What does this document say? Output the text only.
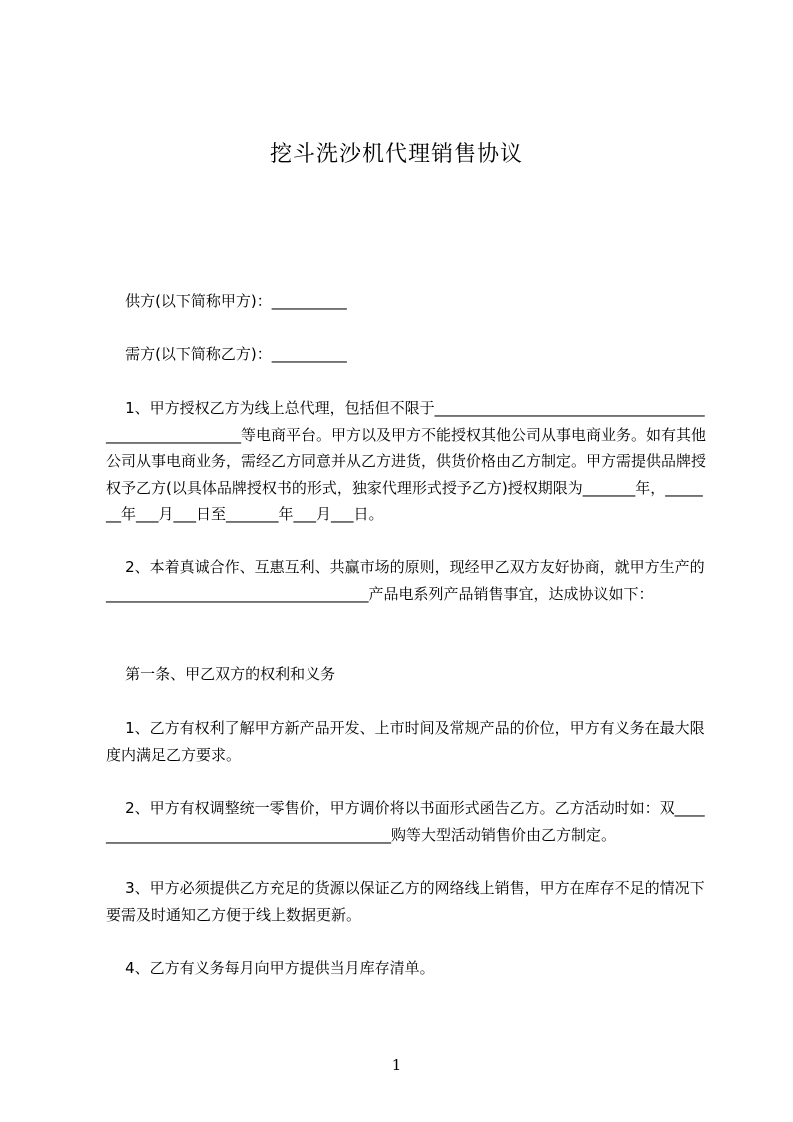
挖斗洗沙机代理销售协议
供方(以下简称甲方)：__________
需方(以下简称乙方)：__________
1、甲方授权乙方为线上总代理，包括但不限于______________________________________________________等电商平台。甲方以及甲方不能授权其他公司从事电商业务。如有其他公司从事电商业务，需经乙方同意并从乙方进货，供货价格由乙方制定。甲方需提供品牌授权予乙方(以具体品牌授权书的形式，独家代理形式授予乙方)授权期限为_______年，_______年___月___日至_______年___月___日。
2、本着真诚合作、互惠互利、共赢市场的原则，现经甲乙双方友好协商，就甲方生产的___________________________________产品电系列产品销售事宜，达成协议如下：
第一条、甲乙双方的权利和义务
1、乙方有权利了解甲方新产品开发、上市时间及常规产品的价位，甲方有义务在最大限度内满足乙方要求。
2、甲方有权调整统一零售价，甲方调价将以书面形式函告乙方。乙方活动时如：双__________________________________________购等大型活动销售价由乙方制定。
3、甲方必须提供乙方充足的货源以保证乙方的网络线上销售，甲方在库存不足的情况下要需及时通知乙方便于线上数据更新。
4、乙方有义务每月向甲方提供当月库存清单。
1
